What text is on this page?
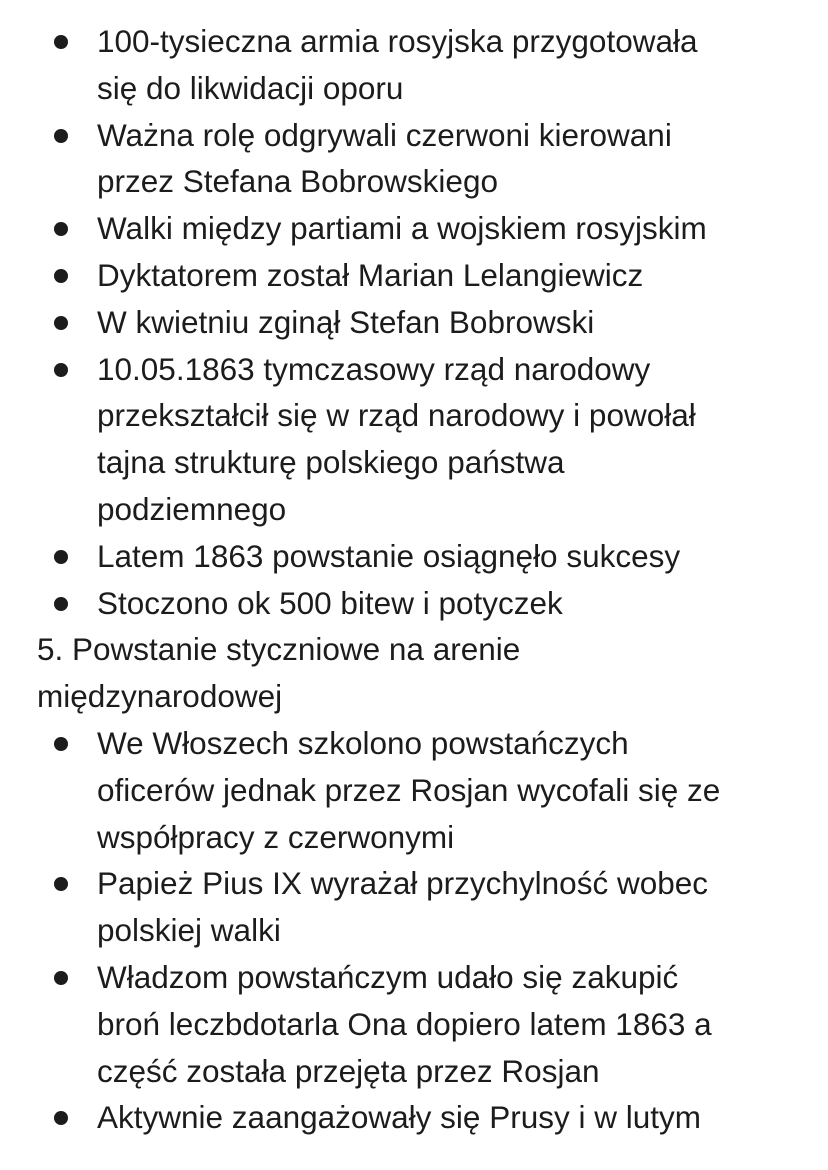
100-tysieczna armia rosyjska przygotowała
się do likwidacji oporu
Ważna rolę odgrywali czerwoni kierowani
przez Stefana Bobrowskiego
Walki między partiami a wojskiem rosyjskim
Dyktatorem został Marian Lelangiewicz
W kwietniu zginął Stefan Bobrowski
10.05.1863 tymczasowy rząd narodowy
przekształcił się w rząd narodowy i powołał
tajna strukturę polskiego państwa
podziemnego
Latem 1863 powstanie osiągnęło sukcesy
Stoczono ok 500 bitew i potyczek
5. Powstanie styczniowe na arenie
międzynarodowej
We Włoszech szkolono powstańczych
oficerów jednak przez Rosjan wycofali się ze
współpracy z czerwonymi
Papież Pius IX wyrażał przychylność wobec
polskiej walki
Władzom powstańczym udało się zakupić
broń leczbdotarla Ona dopiero latem 1863 a
część została przejęta przez Rosjan
Aktywnie zaangażowały się Prusy i w lutym
